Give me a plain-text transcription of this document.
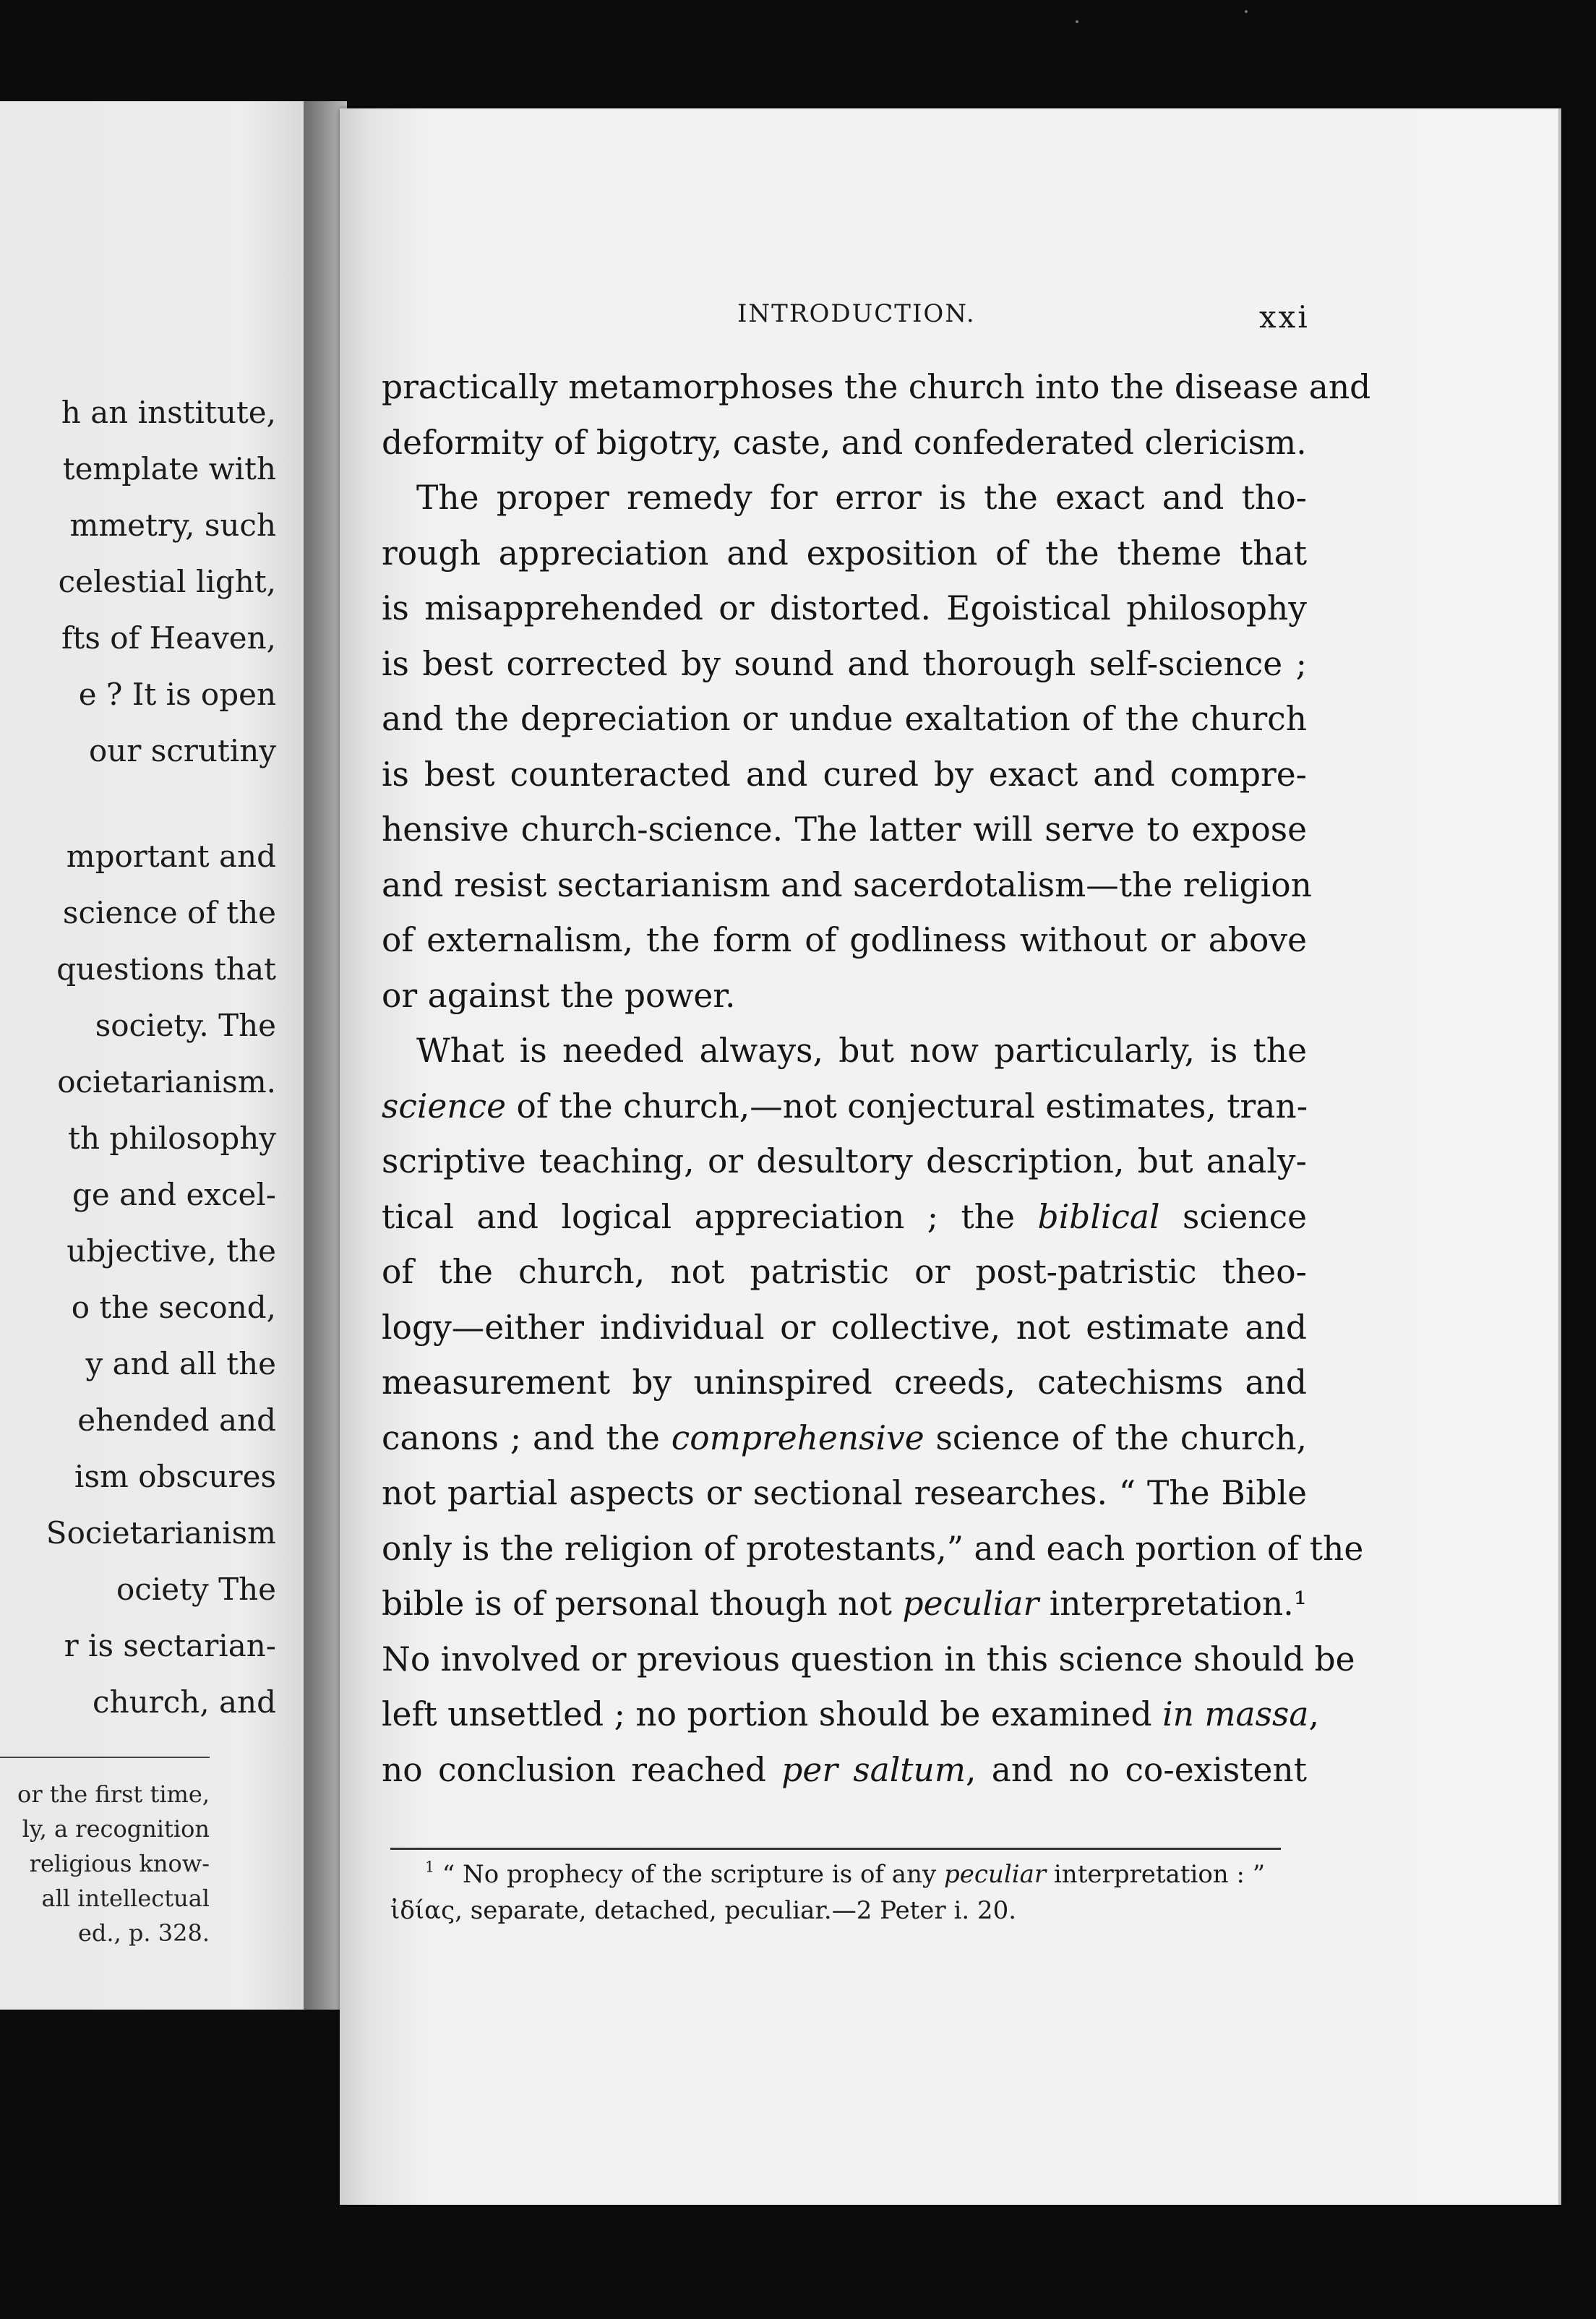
h an institute,
template with
mmetry, such
celestial light,
fts of Heaven,
e ? It is open
our scrutiny
mportant and
science of the
questions that
society. The
ocietarianism.
th philosophy
ge and excel-
ubjective, the
o the second,
y and all the
ehended and
ism obscures
Societarianism
ociety The
r is sectarian-
church, and
or the first time,
ly, a recognition
religious know-
all intellectual
ed., p. 328.
INTRODUCTION.	xxi

practically metamorphoses the church into the disease and
deformity of bigotry, caste, and confederated clericism.

The proper remedy for error is the exact and tho-
rough appreciation and exposition of the theme that
is misapprehended or distorted. Egoistical philosophy
is best corrected by sound and thorough self-science ;
and the depreciation or undue exaltation of the church
is best counteracted and cured by exact and compre-
hensive church-science. The latter will serve to expose
and resist sectarianism and sacerdotalism—the religion
of externalism, the form of godliness without or above
or against the power.

What is needed always, but now particularly, is the
science of the church,—not conjectural estimates, tran-
scriptive teaching, or desultory description, but analy-
tical and logical appreciation ; the biblical science
of the church, not patristic or post-patristic theo-
logy—either individual or collective, not estimate and
measurement by uninspired creeds, catechisms and
canons ; and the comprehensive science of the church,
not partial aspects or sectional researches. “ The Bible
only is the religion of protestants,” and each portion of the
bible is of personal though not peculiar interpretation.¹
No involved or previous question in this science should be
left unsettled ; no portion should be examined in massa
no conclusion reached per saltum, and no co-existent

$^1$ “ No prophecy of the scripture is of any peculiar interpretation : ”
ἰδίας, separate, detached, peculiar.—2 Peter i. 20.
